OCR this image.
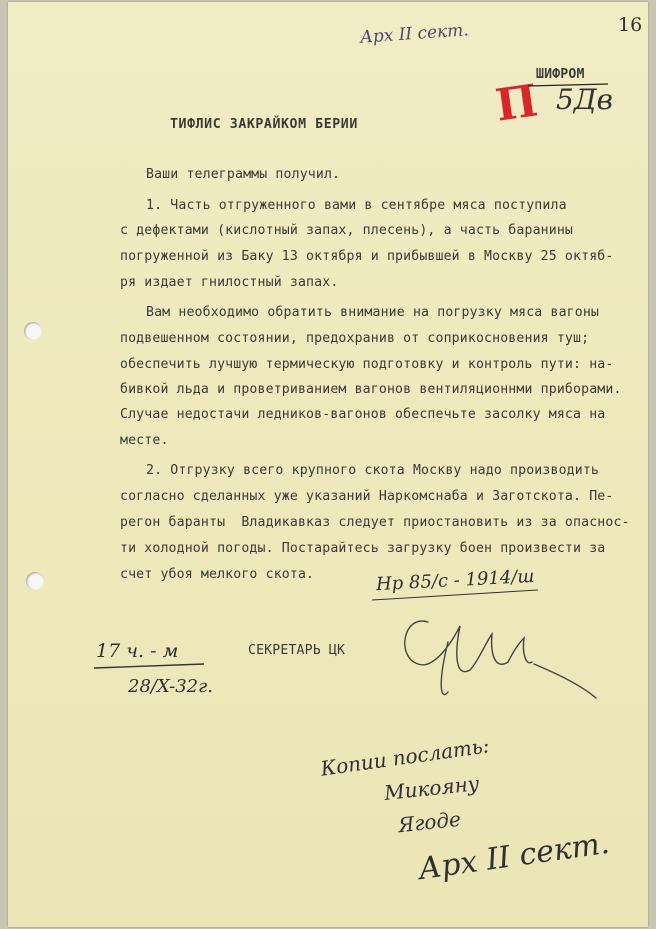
16
Арх II сект.
ШИФРОМ
П 5Дв
ТИФЛИС ЗАКРАЙКОМ БЕРИИ
Ваши телеграммы получил.
1. Часть отгруженного вами в сентябре мяса поступила
с дефектами (кислотный запах, плесень), а часть баранины
погруженной из Баку 13 октября и прибывшей в Москву 25 октяб-
ря издает гнилостный запах.
Вам необходимо обратить внимание на погрузку мяса вагоны
подвешенном состоянии, предохранив от соприкосновения туш;
обеспечить лучшую термическую подготовку и контроль пути: на-
бивкой льда и проветриванием вагонов вентиляционнми приборами.
Случае недостачи ледников-вагонов обеспечьте засолку мяса на
месте.
2. Отгрузку всего крупного скота Москву надо производить
согласно сделанных уже указаний Наркомснаба и Заготскота. Пе-
регон баранты  Владикавказ следует приостановить из за опаснос-
ти холодной погоды. Постарайтесь загрузку боен произвести за
счет убоя мелкого скота.	Нр 85/с - 1914/ш
СЕКРЕТАРЬ ЦК
17 ч. - м
28/X-32г.
Копии послать:
Микояну
Ягоде
Арх II сект.
